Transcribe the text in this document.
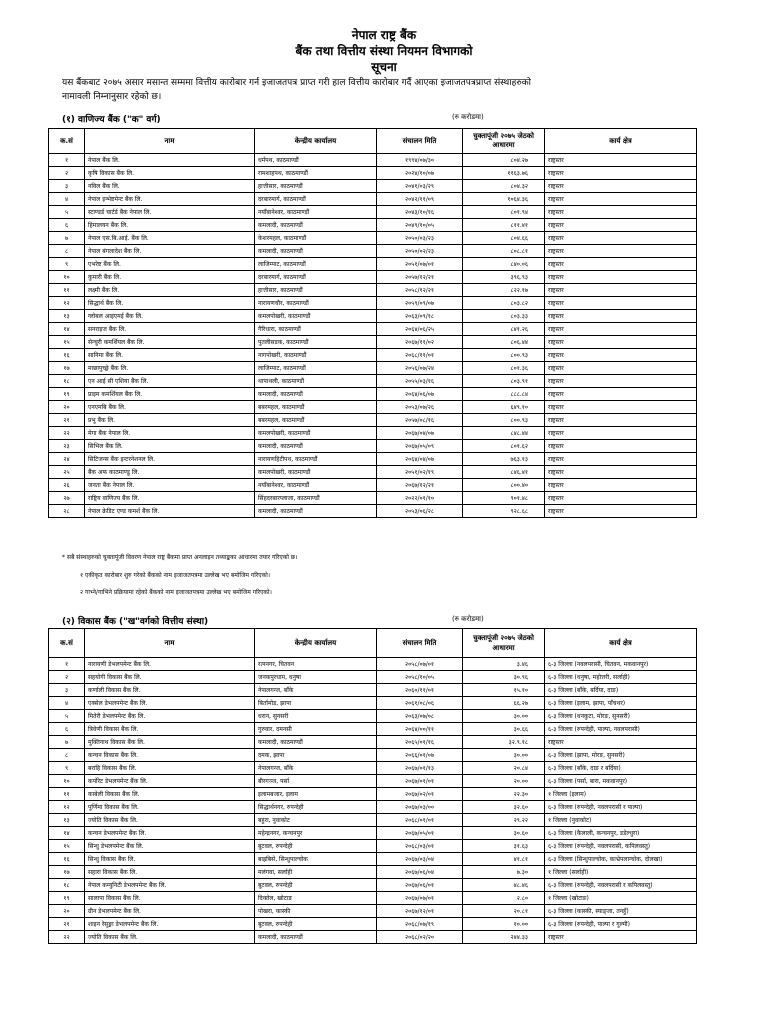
नेपाल राष्ट्र बैंक
बैंक तथा वित्तीय संस्था नियमन विभागको
सूचना
यस बैंकबाट २०७५ असार मसान्त सम्ममा वित्तीय कारोबार गर्न इजाजतपत्र प्राप्त गरी हाल वित्तीय कारोबार गर्दै आएका इजाजतपत्रप्राप्त संस्थाहरुको
नामावली निम्नानुसार रहेको छ।
(१) वाणिज्य बैंक ("क" वर्ग)	(रु करोडमा)
क.सं	नाम	केन्द्रीय कार्यालय	संचालन मिति	चुक्तापूंजी २०७५ जेठको आधारमा	कार्य क्षेत्र
१	नेपाल बैंक लि.	धर्मपथ, काठमाण्डौं	१९९४/०७/३०	८०४.२७	राष्ट्रस्तर
२	कृषि विकास बैंक लि.	रामशाहपथ, काठमाण्डौं	२०२४/१०/०७	११६३.७६	राष्ट्रस्तर
३	नविल बैंक लि.	हात्तीसार, काठमाण्डौं	२०४१/०३/२९	८०४.३२	राष्ट्रस्तर
४	नेपाल इन्भेष्टमेन्ट बैंक लि.	दरबारमार्ग, काठमाण्डौं	२०४२/११/०९	१०६४.३६	राष्ट्रस्तर
५	स्टाण्डर्ड चार्टर्ड बैंक नेपाल लि.	नयाँबानेश्वर, काठमाण्डौं	२०४३/१०/१६	८०१.९४	राष्ट्रस्तर
६	हिमालयन बैंक लि.	कमलादी, काठमाण्डौं	२०४९/१०/०५	८११.४१	राष्ट्रस्तर
७	नेपाल एस.बि.आई. बैंक लि.	केशरमहल, काठमाण्डौं	२०५०/०३/२३	८०४.६६	राष्ट्रस्तर
८	नेपाल बंगलादेश बैंक लि.	कमलादी, काठमाण्डौं	२०५०/०२/२३	८०८.८१	राष्ट्रस्तर
९	एभरेष्ट बैंक लि.	लाजिम्पाट, काठमाण्डौं	२०५१/०७/०१	८४०.०६	राष्ट्रस्तर
१०	कुमारी बैंक लि.	दरबारमार्ग, काठमाण्डौं	२०५७/१२/२१	३९६.९३	राष्ट्रस्तर
११	लक्ष्मी बैंक लि.	हात्तीसार, काठमाण्डौं	२०५८/१२/२१	८२२.१७	राष्ट्रस्तर
१२	सिद्धार्थ बैंक लि.	नारायणचौर, काठमाण्डौं	२०५९/०९/०७	८०३.८२	राष्ट्रस्तर
१३	ग्लोबल आइएमई बैंक लि.	कमलपोखरी, काठमाण्डौं	२०६३/०९/१८	८०३.३३	राष्ट्रस्तर
१४	सनराइज बैंक लि.	गैरिधारा, काठमाण्डौं	२०६४/०६/२५	८४१.२६	राष्ट्रस्तर
१५	सेन्चुरी कमर्शियल बैंक लि.	पुतलीसडक, काठमाण्डौं	२०६७/११/०२	८०६.४४	राष्ट्रस्तर
१६	सानिमा बैंक लि.	नागपोखरी, काठमाण्डौं	२०६८/११/०१	८००.९३	राष्ट्रस्तर
१७	माछापुच्छ्रे बैंक लि.	लाजिम्पाट, काठमाण्डौं	२०५६/०७/२४	८०१.३६	राष्ट्रस्तर
१८	एन आई सी एशिया बैंक लि.	थापाथली, काठमाण्डौं	२०५५/०३/१६	८०३.९१	राष्ट्रस्तर
१९	प्राइम कमर्शियल बैंक लि.	कमलादी, काठमाण्डौं	२०६४/०६/०७	८८८.८४	राष्ट्रस्तर
२०	एनएमबि बैंक लि.	बबरमहल, काठमाण्डौं	२०५३/०७/२६	६४९.१०	राष्ट्रस्तर
२१	प्रभु बैंक लि.	बबरमहल, काठमाण्डौं	२०५७/०८/१६	८००.९३	राष्ट्रस्तर
२२	मेगा बैंक नेपाल लि.	कमलपोखरी, काठमाण्डौं	२०६७/०४/०७	८४८.४४	राष्ट्रस्तर
२३	सिभिल बैंक लि.	कमलादी, काठमाण्डौं	२०६७/०५/०९	८०१.६२	राष्ट्रस्तर
२४	सिटिजन्स बैंक इन्टरनेशनल लि.	नारायणहिटीपथ, काठमाण्डौं	२०६४/०४/०७	७६३.१३	राष्ट्रस्तर
२५	बैंक अफ काठमाण्डू लि.	कमलपोखरी, काठमाण्डौं	२०५१/०२/१९	८४६.४१	राष्ट्रस्तर
२६	जनता बैंक नेपाल लि.	नयाँबानेश्वर, काठमाण्डौं	२०६७/१२/२१	८००.४०	राष्ट्रस्तर
२७	राष्ट्रिय वाणिज्य बैंक लि.	सिंहदरबारप्लाजा, काठमाण्डौं	२०२२/०१/१०	९०१.४८	राष्ट्रस्तर
२८	नेपाल क्रेडिट एण्ड कमर्श बैंक लि.	कमलादी, काठमाण्डौं	२०५३/०६/२८	९२८.६८	राष्ट्रस्तर
* सबै संस्थाहरुको चुक्तापूंजी विवरण नेपाल राष्ट्र बैंकमा प्राप्त अनलाइन तथ्याङ्कका आधारमा तयार गरिएको छ।
१ एकीकृत कारोबार शुरु गरेको बैंकको नाम इजाजतपत्रमा उल्लेख भए बमोजिम गरिएको।
२ गाभ्ने/गाभिने प्रक्रियामा रहेको बैंकको नाम इजाजतपत्रमा उल्लेख भए बमोजिम गरिएको।
(२) विकास बैंक ("ख"वर्गको वित्तीय संस्था)	(रु करोडमा)
क.सं	नाम	केन्द्रीय कार्यालय	संचालन मिति	चुक्तापूंजी २०७५ जेठको आधारमा	कार्य क्षेत्र
१	नारायणी डेभलपमेन्ट बैंक लि.	रत्ननगर, चितवन	२०५८/०७/०१	३.४६	६-३ जिल्ला (नवलपरासी, चितवन, मकवानपुर)
२	सहयोगी विकास बैंक लि.	जनकपुरधाम, धनुषा	२०५८/१०/०५	३०.९६	६-३ जिल्ला (धनुषा, महोत्तरी, सर्लाही)
३	कर्णाली विकास बैंक लि.	नेपालगन्ज, बाँके	२०६०/११/०१	१५.१०	६-३ जिल्ला (बाँके, बर्दिया, दाङ)
४	एक्सेल डेभलपमेन्ट बैंक लि.	बिर्तामोड, झापा	२०६१/०८/०६	६६.२७	६-३ जिल्ला (इलाम, झापा, पाँचथर)
५	मितेरी डेभलपमेन्ट बैंक लि.	धरान, सुनसरी	२०६३/०७/०८	३०.००	६-३ जिल्ला (धनकुटा, मोरङ, सुनसरी)
६	त्रिवेणी विकास बैंक लि.	गुरुवार, दमनसी	२०६४/००/११	३०.६६	६-३ जिल्ला (रुपन्देही, पाल्पा, नवलपरासी)
७	मुक्तिनाथ विकास बैंक लि.	कमलादी, काठमाण्डौं	२०६५/०१/१६	३२.९.१८	राष्ट्रस्तर
८	कन्चन विकास बैंक लि.	दमक, झापा	२०६६/०१/०७	३०.००	६-३ जिल्ला (झापा, मोरङ, सुनसरी)
९	बराहि विकास बैंक लि.	नेपालगन्ज, बाँके	२०६७/०१/१३	२०.८४	६-३ जिल्ला (बाँके, दाङ र बर्दिया)
१०	कर्पोरेट डेभलपमेन्ट बैंक लि.	बीरगञ्ज, पर्सा	२०६७/०१/०१	२०.००	६-३ जिल्ला (पर्सा, बारा, मकवानपुर)
११	काबेली विकास बैंक लि.	इलामबजार, इलाम	२०६७/०२/०१	२२.३०	१ जिल्ला (इलाम)
१२	पूर्णिमा विकास बैंक लि.	सिद्धार्थनगर, रुपन्देही	२०६७/०३/००	३२.६०	६-३ जिल्ला (रुपन्देही, नवलपरासी र पाल्पा)
१३	ज्योति विकास बैंक लि.	बहुरा, नुवाकोट	२०६८/०१/०१	२९.२२	१ जिल्ला (नुवाकोट)
१४	कन्चन डेभलपमेन्ट बैंक लि.	महेन्द्रनगर, कन्चनपुर	२०६७/०५/०१	३०.६०	६-३ जिल्ला (कैलाली, कन्चनपुर, डडेल्धुरा)
१५	सिन्धु डेभलपमेन्ट बैंक लि.	बुटवल, रुपन्देही	२०६८/०३/०१	३१.६३	६-३ जिल्ला (रुपन्देही, नवलपरासी, कपिलवस्तु)
१६	सिन्धु विकास बैंक लि.	बाह्रबिसे, सिन्धुपाल्चोक	२०६७/०३/०४	४१.८१	६-३ जिल्ला (सिन्धुपाल्चोक, काभ्रेपलान्चोक, दोलखा)
१७	सहारा विकास बैंक लि.	मलंगवा, सर्लाही	२०६७/०६/०४	७.३०	१ जिल्ला (सर्लाही)
१८	नेपाल कम्युनिटी डेभलपमेन्ट बैंक लि.	बुटवल, रुपन्देही	२०६७/०६/०१	४८.४६	६-३ जिल्ला (रुपन्देही, नवलपरासी र कपिलवस्तु)
१९	सालापा विकास बैंक लि.	दिक्तेल, खोटाङ	२०६७/०७/०१	२.८०	१ जिल्ला (खोटाङ)
२०	ग्रीन डेभलपमेन्ट बैंक लि.	पोखरा, कास्की	२०६७/१२/०१	२०.८१	६-३ जिल्ला (कास्की, स्याङ्जा, तनहुँ)
२१	शाइन रेसुङ्गा डेभलपमेन्ट बैंक लि.	बुटवल, रुपन्देही	२०६८/०७/१९	१०.००	६-३ जिल्ला (रुपन्देही, पाल्पा र गुल्मी)
२२	ज्योति विकास बैंक लि.	कमलादी, काठमाण्डौं	२०६८/०२/२०	२४४.३३	राष्ट्रस्तर
